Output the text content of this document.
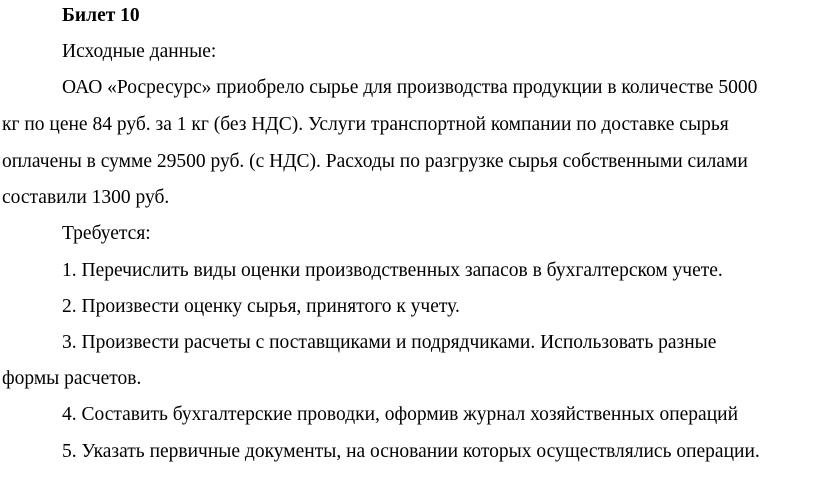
Билет 10

Исходные данные:

ОАО «Росресурс» приобрело сырье для производства продукции в количестве 5000

кг по цене 84 руб. за 1 кг (без НДС). Услуги транспортной компании по доставке сырья

оплачены в сумме 29500 руб. (с НДС). Расходы по разгрузке сырья собственными силами

составили 1300 руб.

Требуется:

1. Перечислить виды оценки производственных запасов в бухгалтерском учете.

2. Произвести оценку сырья, принятого к учету.

3. Произвести расчеты с поставщиками и подрядчиками. Использовать разные

формы расчетов.

4. Составить бухгалтерские проводки, оформив журнал хозяйственных операций

5. Указать первичные документы, на основании которых осуществлялись операции.
